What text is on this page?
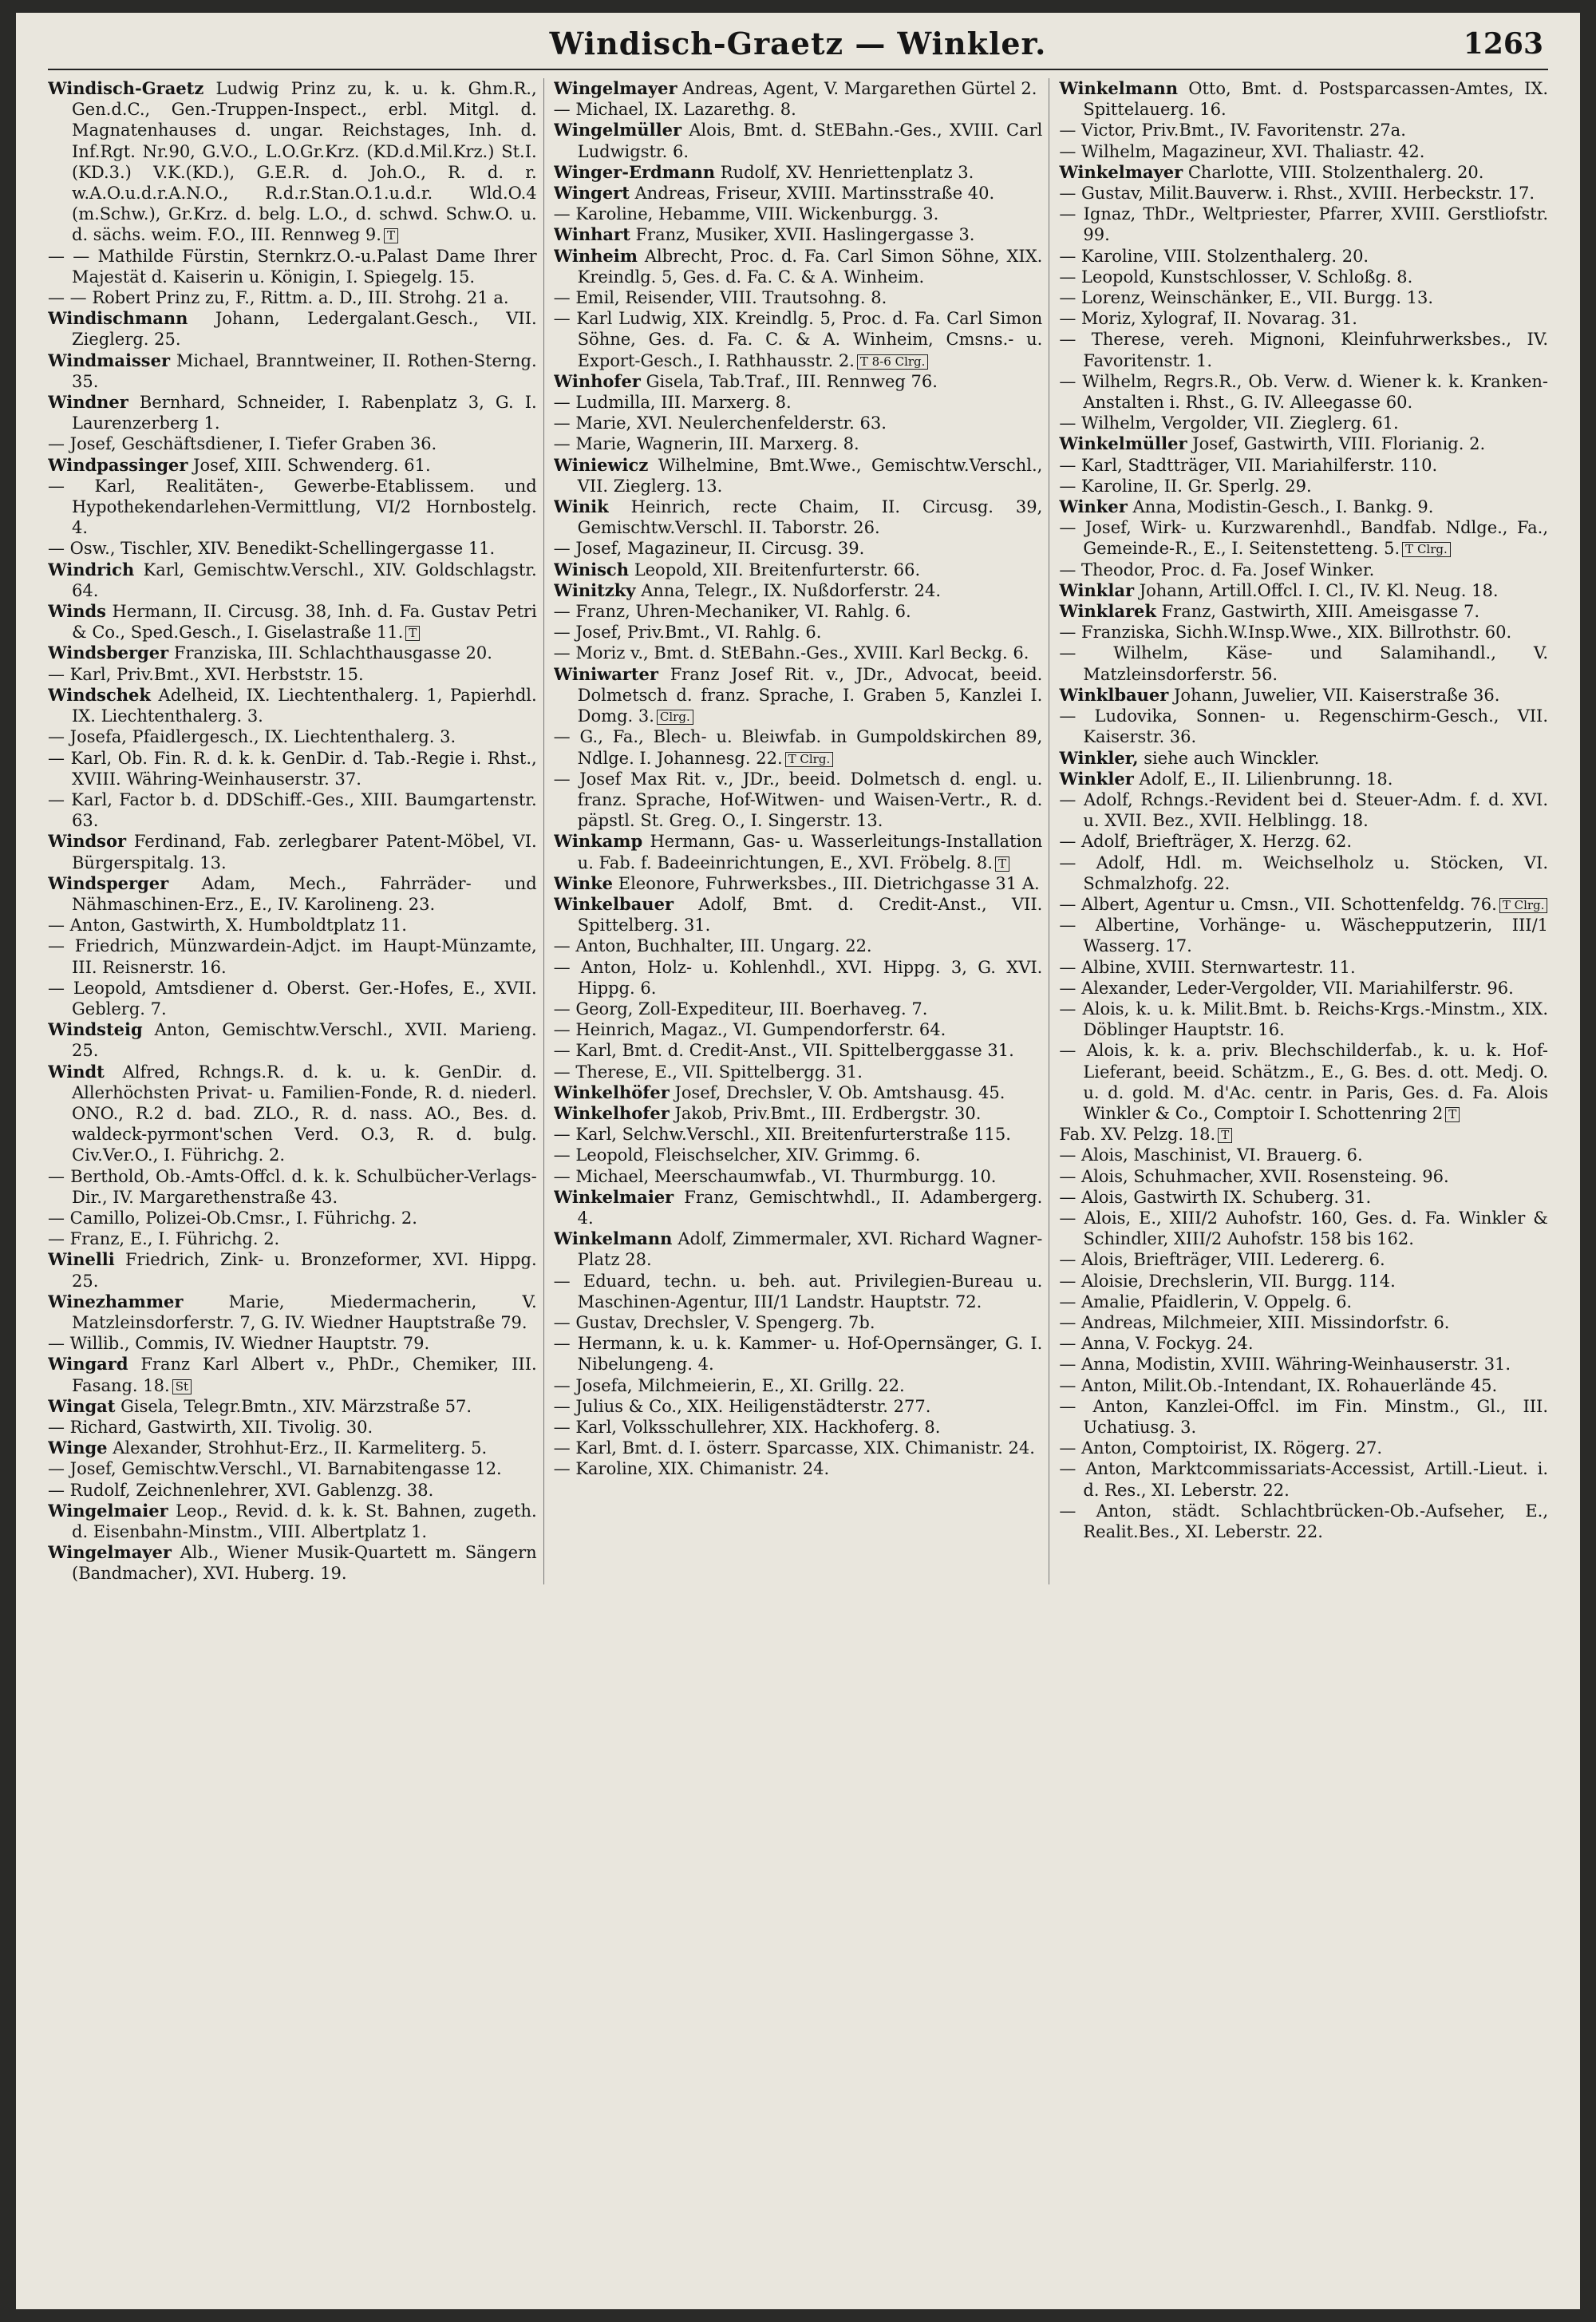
Windisch-Graetz — Winkler.	1263
Windisch-Graetz Ludwig Prinz zu, k. u. k. Ghm.R., Gen.d.C., Gen.-Truppen-Inspect., erbl. Mitgl. d. Magnatenhauses d. ungar. Reichstages, Inh. d. Inf.Rgt. Nr.90, G.V.O., L.O.Gr.Krz. (KD.d.Mil.Krz.) St.I.(KD.3.) V.K.(KD.), G.E.R. d. Joh.O., R. d. r. w.A.O.u.d.r.A.N.O., R.d.r.Stan.O.1.u.d.r. Wld.O.4 (m.Schw.), Gr.Krz. d. belg. L.O., d. schwd. Schw.O. u. d. sächs. weim. F.O., III. Rennweg 9. T
— — Mathilde Fürstin, Sternkrz.O.-u.Palast Dame Ihrer Majestät d. Kaiserin u. Königin, I. Spiegelg. 15.
— — Robert Prinz zu, F., Rittm. a. D., III. Strohg. 21 a.
Windischmann Johann, Ledergalant.Gesch., VII. Zieglerg. 25.
Windmaisser Michael, Branntweiner, II. Rothen-Sterng. 35.
Windner Bernhard, Schneider, I. Rabenplatz 3, G. I. Laurenzerberg 1.
— Josef, Geschäftsdiener, I. Tiefer Graben 36.
Windpassinger Josef, XIII. Schwenderg. 61.
— Karl, Realitäten-, Gewerbe-Etablissem. und Hypothekendarlehen-Vermittlung, VI/2 Hornbostelg. 4.
— Osw., Tischler, XIV. Benedikt-Schellingergasse 11.
Windrich Karl, Gemischtw.Verschl., XIV. Goldschlagstr. 64.
Winds Hermann, II. Circusg. 38, Inh. d. Fa. Gustav Petri & Co., Sped.Gesch., I. Giselastraße 11. T
Windsberger Franziska, III. Schlachthausgasse 20.
— Karl, Priv.Bmt., XVI. Herbststr. 15.
Windschek Adelheid, IX. Liechtenthalerg. 1, Papierhdl. IX. Liechtenthalerg. 3.
— Josefa, Pfaidlergesch., IX. Liechtenthalerg. 3.
— Karl, Ob. Fin. R. d. k. k. GenDir. d. Tab.-Regie i. Rhst., XVIII. Währing-Weinhauserstr. 37.
— Karl, Factor b. d. DDSchiff.-Ges., XIII. Baumgartenstr. 63.
Windsor Ferdinand, Fab. zerlegbarer Patent-Möbel, VI. Bürgerspitalg. 13.
Windsperger Adam, Mech., Fahrräder- und Nähmaschinen-Erz., E., IV. Karolineng. 23.
— Anton, Gastwirth, X. Humboldtplatz 11.
— Friedrich, Münzwardein-Adjct. im Haupt-Münzamte, III. Reisnerstr. 16.
— Leopold, Amtsdiener d. Oberst. Ger.-Hofes, E., XVII. Geblerg. 7.
Windsteig Anton, Gemischtw.Verschl., XVII. Marieng. 25.
Windt Alfred, Rchngs.R. d. k. u. k. GenDir. d. Allerhöchsten Privat- u. Familien-Fonde, R. d. niederl. ONO., R.2 d. bad. ZLO., R. d. nass. AO., Bes. d. waldeck-pyrmont'schen Verd. O.3, R. d. bulg. Civ.Ver.O., I. Führichg. 2.
— Berthold, Ob.-Amts-Offcl. d. k. k. Schulbücher-Verlags-Dir., IV. Margarethenstraße 43.
— Camillo, Polizei-Ob.Cmsr., I. Führichg. 2.
— Franz, E., I. Führichg. 2.
Winelli Friedrich, Zink- u. Bronzeformer, XVI. Hippg. 25.
Winezhammer	Marie, Miedermacherin, V. Matzleinsdorferstr. 7, G. IV. Wiedner Hauptstraße 79.
— Willib., Commis, IV. Wiedner Hauptstr. 79.
Wingard Franz Karl Albert v., PhDr., Chemiker, III. Fasang. 18. St
Wingat Gisela, Telegr.Bmtn., XIV. Märzstraße 57.
— Richard, Gastwirth, XII. Tivolig. 30.
Winge Alexander, Strohhut-Erz., II. Karmeliterg. 5.
— Josef, Gemischtw.Verschl., VI. Barnabitengasse 12.
— Rudolf, Zeichnenlehrer, XVI. Gablenzg. 38.
Wingelmaier Leop., Revid. d. k. k. St. Bahnen, zugeth. d. Eisenbahn-Minstm., VIII. Albertplatz 1.
Wingelmayer Alb., Wiener Musik-Quartett m. Sängern (Bandmacher), XVI. Huberg. 19.
Wingelmayer Andreas, Agent, V. Margarethen Gürtel 2.
— Michael, IX. Lazarethg. 8.
Wingelmüller Alois, Bmt. d. StEBahn.-Ges., XVIII. Carl Ludwigstr. 6.
Winger-Erdmann Rudolf, XV. Henriettenplatz 3.
Wingert Andreas, Friseur, XVIII. Martinsstraße 40.
— Karoline, Hebamme, VIII. Wickenburgg. 3.
Winhart Franz, Musiker, XVII. Haslingergasse 3.
Winheim Albrecht, Proc. d. Fa. Carl Simon Söhne, XIX. Kreindlg. 5, Ges. d. Fa. C. & A. Winheim.
— Emil, Reisender, VIII. Trautsohng. 8.
— Karl Ludwig, XIX. Kreindlg. 5, Proc. d. Fa. Carl Simon Söhne, Ges. d. Fa. C. & A. Winheim, Cmsns.- u. Export-Gesch., I. Rathhausstr. 2. T 8-6 Clrg.
Winhofer Gisela, Tab.Traf., III. Rennweg 76.
— Ludmilla, III. Marxerg. 8.
— Marie, XVI. Neulerchenfelderstr. 63.
— Marie, Wagnerin, III. Marxerg. 8.
Winiewicz Wilhelmine, Bmt.Wwe., Gemischtw.Verschl., VII. Zieglerg. 13.
Winik Heinrich, recte Chaim, II. Circusg. 39, Gemischtw.Verschl. II. Taborstr. 26.
— Josef, Magazineur, II. Circusg. 39.
Winisch Leopold, XII. Breitenfurterstr. 66.
Winitzky Anna, Telegr., IX. Nußdorferstr. 24.
— Franz, Uhren-Mechaniker, VI. Rahlg. 6.
— Josef, Priv.Bmt., VI. Rahlg. 6.
— Moriz v., Bmt. d. StEBahn.-Ges., XVIII. Karl Beckg. 6.
Winiwarter Franz Josef Rit. v., JDr., Advocat, beeid. Dolmetsch d. franz. Sprache, I. Graben 5, Kanzlei I. Domg. 3. Clrg.
— G., Fa., Blech- u. Bleiwfab. in Gumpoldskirchen 89, Ndlge. I. Johannesg. 22. T Clrg.
— Josef Max Rit. v., JDr., beeid. Dolmetsch d. engl. u. franz. Sprache, Hof-Witwen- und Waisen-Vertr., R. d. päpstl. St. Greg. O., I. Singerstr. 13.
Winkamp Hermann, Gas- u. Wasserleitungs-Installation u. Fab. f. Badeeinrichtungen, E., XVI. Fröbelg. 8. T
Winke Eleonore, Fuhrwerksbes., III. Dietrichgasse 31 A.
Winkelbauer Adolf, Bmt. d. Credit-Anst., VII. Spittelberg. 31.
— Anton, Buchhalter, III. Ungarg. 22.
— Anton, Holz- u. Kohlenhdl., XVI. Hippg. 3, G. XVI. Hippg. 6.
— Georg, Zoll-Expediteur, III. Boerhaveg. 7.
— Heinrich, Magaz., VI. Gumpendorferstr. 64.
— Karl, Bmt. d. Credit-Anst., VII. Spittelberggasse 31.
— Therese, E., VII. Spittelbergg. 31.
Winkelhöfer Josef, Drechsler, V. Ob. Amtshausg. 45.
Winkelhofer Jakob, Priv.Bmt., III. Erdbergstr. 30.
— Karl, Selchw.Verschl., XII. Breitenfurterstraße 115.
— Leopold, Fleischselcher, XIV. Grimmg. 6.
— Michael, Meerschaumwfab., VI. Thurmburgg. 10.
Winkelmaier Franz, Gemischtwhdl., II. Adambergerg. 4.
Winkelmann Adolf, Zimmermaler, XVI. Richard Wagner-Platz 28.
— Eduard, techn. u. beh. aut. Privilegien-Bureau u. Maschinen-Agentur, III/1 Landstr. Hauptstr. 72.
— Gustav, Drechsler, V. Spengerg. 7b.
— Hermann, k. u. k. Kammer- u. Hof-Opernsänger, G. I. Nibelungeng. 4.
— Josefa, Milchmeierin, E., XI. Grillg. 22.
— Julius & Co., XIX. Heiligenstädterstr. 277.
— Karl, Volksschullehrer, XIX. Hackhoferg. 8.
— Karl, Bmt. d. I. österr. Sparcasse, XIX. Chimanistr. 24.
— Karoline, XIX. Chimanistr. 24.
Winkelmann Otto, Bmt. d. Postsparcassen-Amtes, IX. Spittelauerg. 16.
— Victor, Priv.Bmt., IV. Favoritenstr. 27a.
— Wilhelm, Magazineur, XVI. Thaliastr. 42.
Winkelmayer Charlotte, VIII. Stolzenthalerg. 20.
— Gustav, Milit.Bauverw. i. Rhst., XVIII. Herbeckstr. 17.
— Ignaz, ThDr., Weltpriester, Pfarrer, XVIII. Gerstliofstr. 99.
— Karoline, VIII. Stolzenthalerg. 20.
— Leopold, Kunstschlosser, V. Schloßg. 8.
— Lorenz, Weinschänker, E., VII. Burgg. 13.
— Moriz, Xylograf, II. Novarag. 31.
— Therese, vereh. Mignoni, Kleinfuhrwerksbes., IV. Favoritenstr. 1.
— Wilhelm, Regrs.R., Ob. Verw. d. Wiener k. k. Kranken-Anstalten i. Rhst., G. IV. Alleegasse 60.
— Wilhelm, Vergolder, VII. Zieglerg. 61.
Winkelmüller Josef, Gastwirth, VIII. Florianig. 2.
— Karl, Stadtträger, VII. Mariahilferstr. 110.
— Karoline, II. Gr. Sperlg. 29.
Winker Anna, Modistin-Gesch., I. Bankg. 9.
— Josef, Wirk- u. Kurzwarenhdl., Bandfab. Ndlge., Fa., Gemeinde-R., E., I. Seitenstetteng. 5. T Clrg.
— Theodor, Proc. d. Fa. Josef Winker.
Winklar Johann, Artill.Offcl. I. Cl., IV. Kl. Neug. 18.
Winklarek Franz, Gastwirth, XIII. Ameisgasse 7.
— Franziska, Sichh.W.Insp.Wwe., XIX. Billrothstr. 60.
— Wilhelm, Käse- und Salamihandl., V. Matzleinsdorferstr. 56.
Winklbauer Johann, Juwelier, VII. Kaiserstraße 36.
— Ludovika, Sonnen- u. Regenschirm-Gesch., VII. Kaiserstr. 36.
Winkler, siehe auch Winckler.
Winkler Adolf, E., II. Lilienbrunng. 18.
— Adolf, Rchngs.-Revident bei d. Steuer-Adm. f. d. XVI. u. XVII. Bez., XVII. Helblingg. 18.
— Adolf, Briefträger, X. Herzg. 62.
— Adolf, Hdl. m. Weichselholz u. Stöcken, VI. Schmalzhofg. 22.
— Albert, Agentur u. Cmsn., VII. Schottenfeldg. 76. T Clrg.
— Albertine, Vorhänge- u. Wäschepputzerin, III/1 Wasserg. 17.
— Albine, XVIII. Sternwartestr. 11.
— Alexander, Leder-Vergolder, VII. Mariahilferstr. 96.
— Alois, k. u. k. Milit.Bmt. b. Reichs-Krgs.-Minstm., XIX. Döblinger Hauptstr. 16.
— Alois, k. k. a. priv. Blechschilderfab., k. u. k. Hof-Lieferant, beeid. Schätzm., E., G. Bes. d. ott. Medj. O. u. d. gold. M. d'Ac. centr. in Paris, Ges. d. Fa. Alois Winkler & Co., Comptoir I. Schottenring 2 T
Fab. XV. Pelzg. 18. T
— Alois, Maschinist, VI. Brauerg. 6.
— Alois, Schuhmacher, XVII. Rosensteing. 96.
— Alois, Gastwirth IX. Schuberg. 31.
— Alois, E., XIII/2 Auhofstr. 160, Ges. d. Fa. Winkler & Schindler, XIII/2 Auhofstr. 158 bis 162.
— Alois, Briefträger, VIII. Ledererg. 6.
— Aloisie, Drechslerin, VII. Burgg. 114.
— Amalie, Pfaidlerin, V. Oppelg. 6.
— Andreas, Milchmeier, XIII. Missindorfstr. 6.
— Anna, V. Fockyg. 24.
— Anna, Modistin, XVIII. Währing-Weinhauserstr. 31.
— Anton, Milit.Ob.-Intendant, IX. Rohauerlände 45.
— Anton, Kanzlei-Offcl. im Fin. Minstm., Gl., III. Uchatiusg. 3.
— Anton, Comptoirist, IX. Rögerg. 27.
— Anton, Marktcommissariats-Accessist, Artill.-Lieut. i. d. Res., XI. Leberstr. 22.
— Anton, städt. Schlachtbrücken-Ob.-Aufseher, E., Realit.Bes., XI. Leberstr. 22.
